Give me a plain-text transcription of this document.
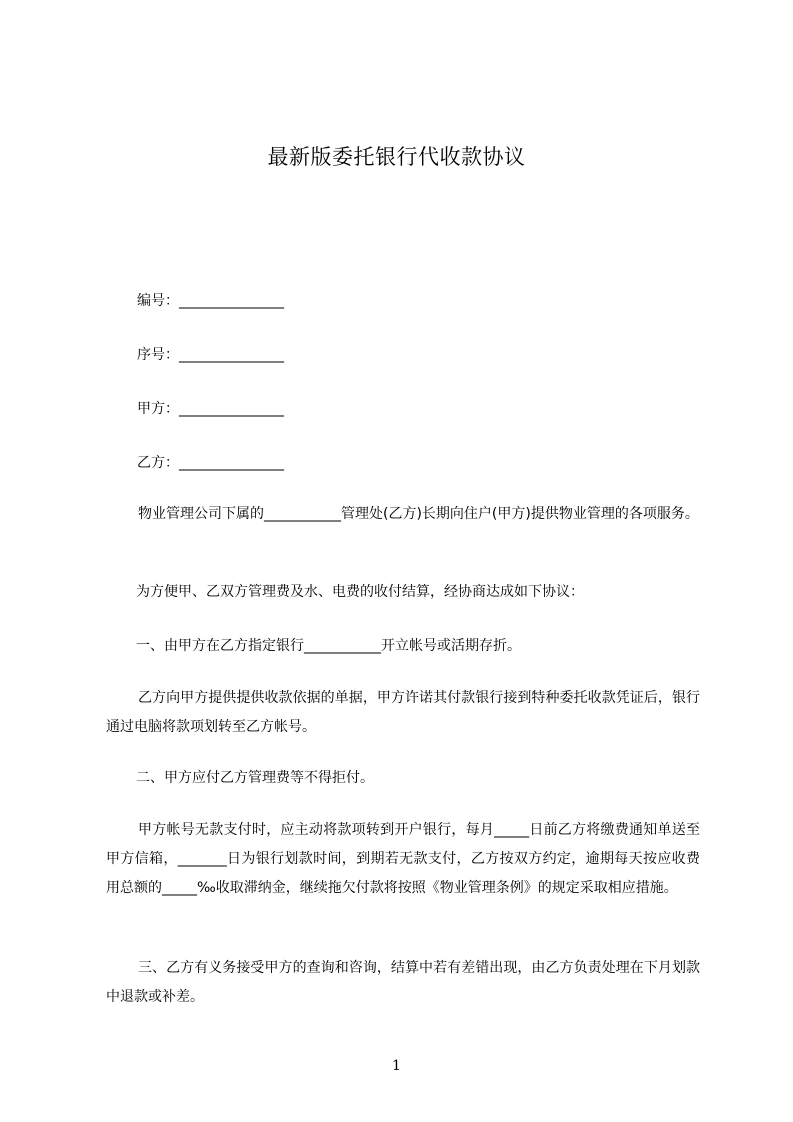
最新版委托银行代收款协议
编号：_______________
序号：_______________
甲方：_______________
乙方：_______________
物业管理公司下属的___________管理处(乙方)长期向住户(甲方)提供物业管理的各项服务。
为方便甲、乙双方管理费及水、电费的收付结算，经协商达成如下协议：
一、由甲方在乙方指定银行___________开立帐号或活期存折。
乙方向甲方提供提供收款依据的单据，甲方许诺其付款银行接到特种委托收款凭证后，银行通过电脑将款项划转至乙方帐号。
二、甲方应付乙方管理费等不得拒付。
甲方帐号无款支付时，应主动将款项转到开户银行，每月_____日前乙方将缴费通知单送至甲方信箱，_______日为银行划款时间，到期若无款支付，乙方按双方约定，逾期每天按应收费用总额的_____‰收取滞纳金，继续拖欠付款将按照《物业管理条例》的规定采取相应措施。
三、乙方有义务接受甲方的查询和咨询，结算中若有差错出现，由乙方负责处理在下月划款中退款或补差。
1
